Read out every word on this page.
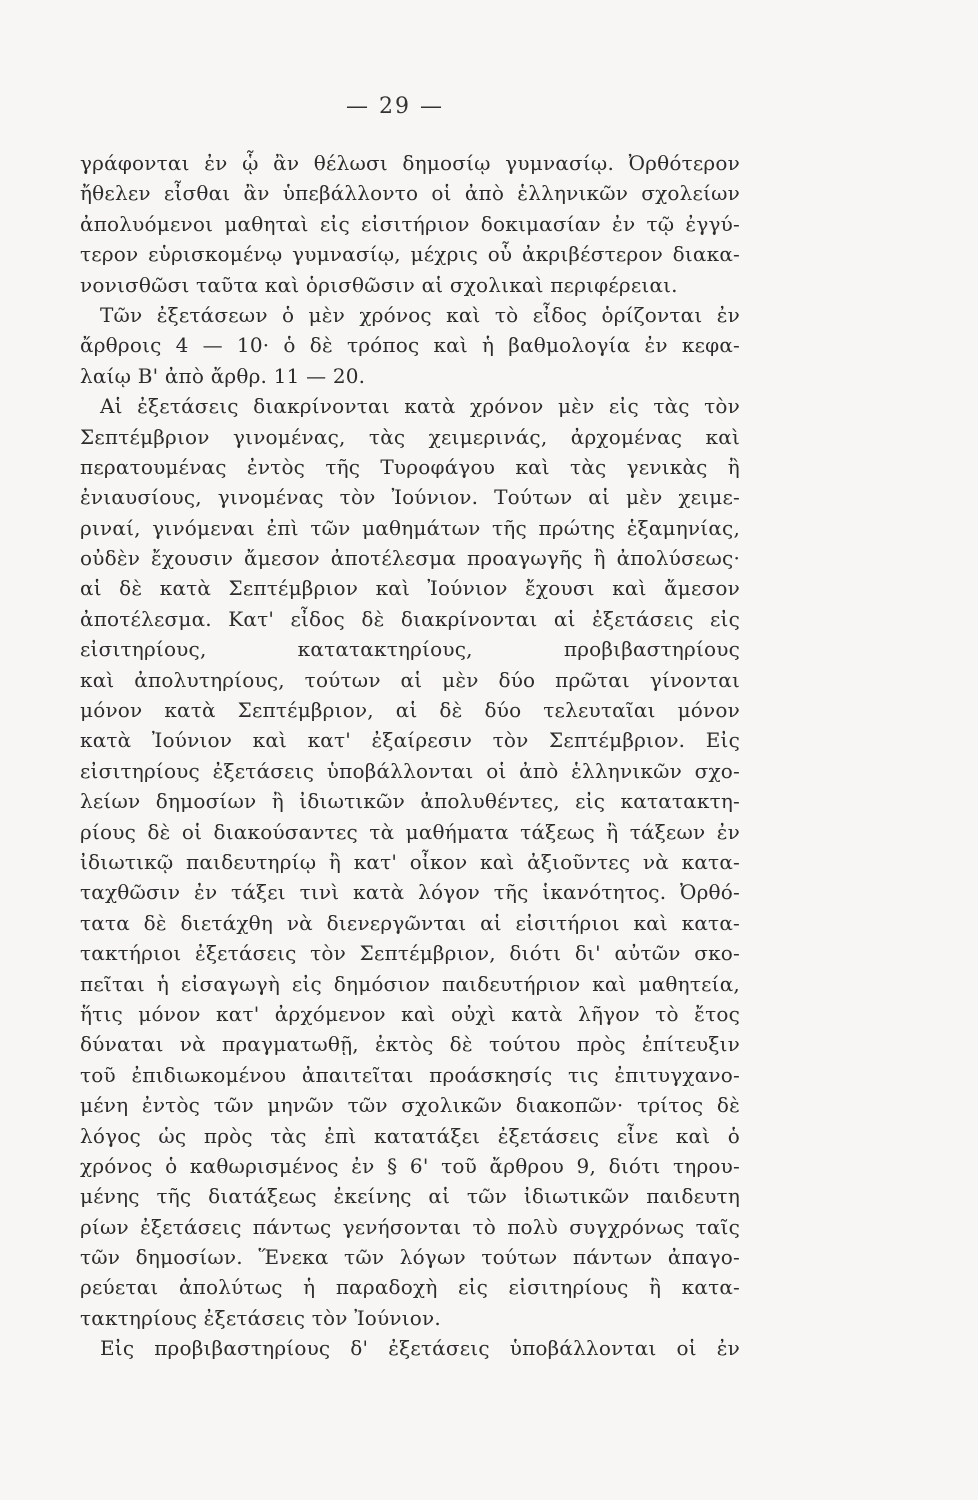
— 29 —
γράφονται ἐν ᾧ ἂν θέλωσι δημοσίῳ γυμνασίῳ. Ὀρθότερον
ἤθελεν εἶσθαι ἂν ὑπεβάλλοντο οἱ ἀπὸ ἑλληνικῶν σχολείων
ἀπολυόμενοι μαθηταὶ εἰς εἰσιτήριον δοκιμασίαν ἐν τῷ ἐγγύ-
τερον εὑρισκομένῳ γυμνασίῳ, μέχρις οὗ ἀκριβέστερον διακα-
νονισθῶσι ταῦτα καὶ ὁρισθῶσιν αἱ σχολικαὶ περιφέρειαι.
Τῶν ἐξετάσεων ὁ μὲν χρόνος καὶ τὸ εἶδος ὁρίζονται ἐν
ἄρθροις 4 — 10· ὁ δὲ τρόπος καὶ ἡ βαθμολογία ἐν κεφα-
λαίῳ Β' ἀπὸ ἄρθρ. 11 — 20.
Αἱ ἐξετάσεις διακρίνονται κατὰ χρόνον μὲν εἰς τὰς τὸν
Σεπτέμβριον γινομένας, τὰς χειμερινάς, ἀρχομένας καὶ
περατουμένας ἐντὸς τῆς Τυροφάγου καὶ τὰς γενικὰς ἢ
ἐνιαυσίους, γινομένας τὸν Ἰούνιον. Τούτων αἱ μὲν χειμε-
ριναί, γινόμεναι ἐπὶ τῶν μαθημάτων τῆς πρώτης ἑξαμηνίας,
οὐδὲν ἔχουσιν ἄμεσον ἀποτέλεσμα προαγωγῆς ἢ ἀπολύσεως·
αἱ δὲ κατὰ Σεπτέμβριον καὶ Ἰούνιον ἔχουσι καὶ ἄμεσον
ἀποτέλεσμα. Κατ' εἶδος δὲ διακρίνονται αἱ ἐξετάσεις εἰς
εἰσιτηρίους, κατατακτηρίους, προβιβαστηρίους
καὶ ἀπολυτηρίους, τούτων αἱ μὲν δύο πρῶται γίνονται
μόνον κατὰ Σεπτέμβριον, αἱ δὲ δύο τελευταῖαι μόνον
κατὰ Ἰούνιον καὶ κατ' ἐξαίρεσιν τὸν Σεπτέμβριον. Εἰς
εἰσιτηρίους ἐξετάσεις ὑποβάλλονται οἱ ἀπὸ ἑλληνικῶν σχο-
λείων δημοσίων ἢ ἰδιωτικῶν ἀπολυθέντες, εἰς κατατακτη-
ρίους δὲ οἱ διακούσαντες τὰ μαθήματα τάξεως ἢ τάξεων ἐν
ἰδιωτικῷ παιδευτηρίῳ ἢ κατ' οἶκον καὶ ἀξιοῦντες νὰ κατα-
ταχθῶσιν ἐν τάξει τινὶ κατὰ λόγον τῆς ἱκανότητος. Ὀρθό-
τατα δὲ διετάχθη νὰ διενεργῶνται αἱ εἰσιτήριοι καὶ κατα-
τακτήριοι ἐξετάσεις τὸν Σεπτέμβριον, διότι δι' αὐτῶν σκο-
πεῖται ἡ εἰσαγωγὴ εἰς δημόσιον παιδευτήριον καὶ μαθητεία,
ἥτις μόνον κατ' ἀρχόμενον καὶ οὐχὶ κατὰ λῆγον τὸ ἔτος
δύναται νὰ πραγματωθῇ, ἐκτὸς δὲ τούτου πρὸς ἐπίτευξιν
τοῦ ἐπιδιωκομένου ἀπαιτεῖται προάσκησίς τις ἐπιτυγχανο-
μένη ἐντὸς τῶν μηνῶν τῶν σχολικῶν διακοπῶν· τρίτος δὲ
λόγος ὡς πρὸς τὰς ἐπὶ κατατάξει ἐξετάσεις εἶνε καὶ ὁ
χρόνος ὁ καθωρισμένος ἐν § 6' τοῦ ἄρθρου 9, διότι τηρου-
μένης τῆς διατάξεως ἐκείνης αἱ τῶν ἰδιωτικῶν παιδευτη
ρίων ἐξετάσεις πάντως γενήσονται τὸ πολὺ συγχρόνως ταῖς
τῶν δημοσίων. Ἕνεκα τῶν λόγων τούτων πάντων ἀπαγο-
ρεύεται ἀπολύτως ἡ παραδοχὴ εἰς εἰσιτηρίους ἢ κατα-
τακτηρίους ἐξετάσεις τὸν Ἰούνιον.
Εἰς προβιβαστηρίους δ' ἐξετάσεις ὑποβάλλονται οἱ ἐν
